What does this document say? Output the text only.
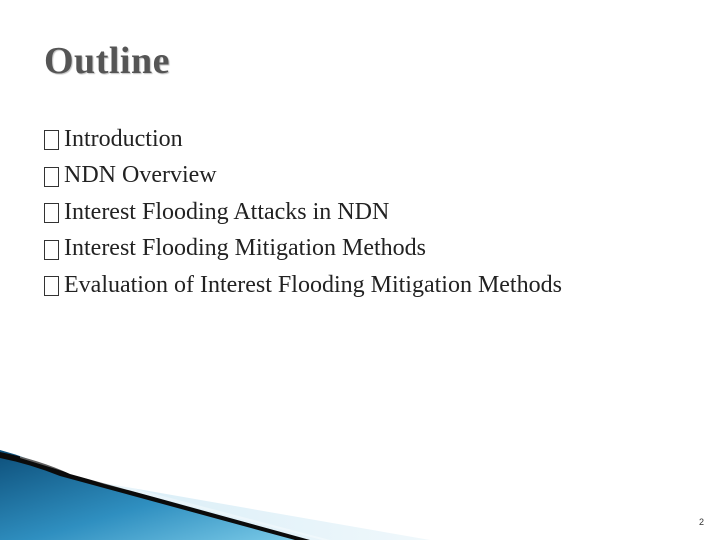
Outline
Introduction
NDN Overview
Interest Flooding Attacks in NDN
Interest Flooding Mitigation Methods
Evaluation of Interest Flooding Mitigation Methods
2
